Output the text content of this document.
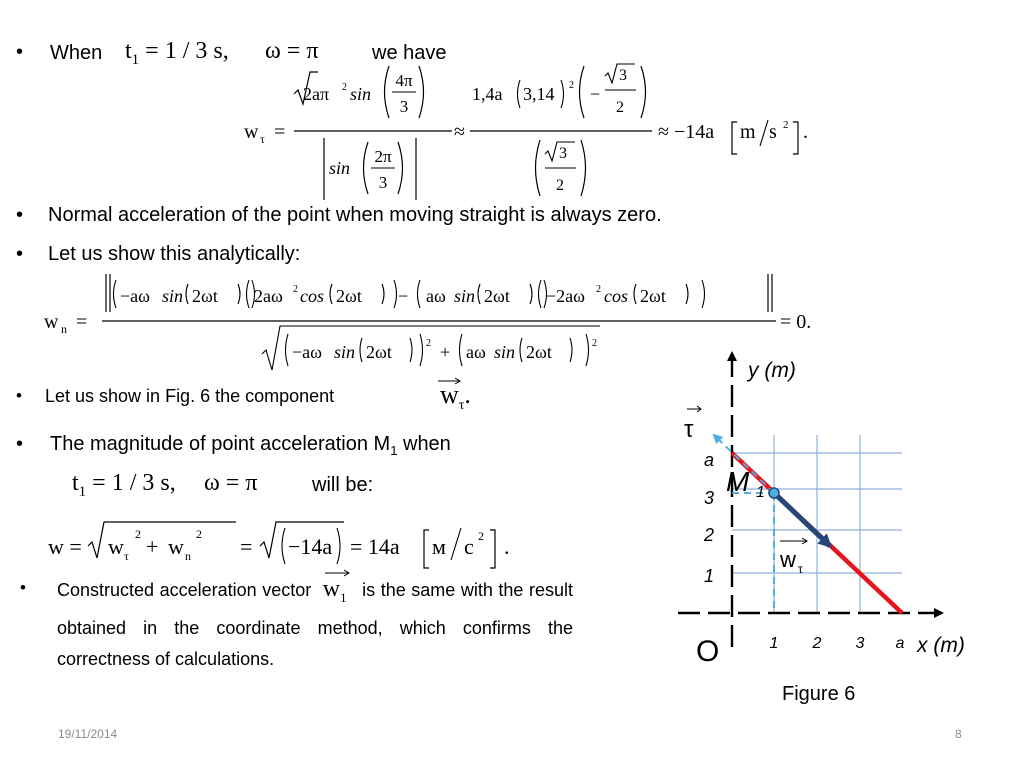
• When $t_1 = 1 / 3$ s, ω = π	we have
w τ =
2aπ 2 sin
4π
3
sin
2π
3
≈
1,4a 3,14 2 −
3
2
3
2
≈ −14a m s 2 .
• Normal acceleration of the point when moving straight is always zero.
• Let us show this analytically:
w n =
−aω sin 2ωt 2aω 2 cos 2ωt − aω sin 2ωt −2aω 2 cos 2ωt
−aω sin 2ωt	2 + aω sin 2ωt	2
= 0.
• Let us show in Fig. 6 the component	$w_\tau$.
• The magnitude of point acceleration $M_1$ when
$t_1 = 1 / 3$ s, ω = π	will be:
w = w τ
2 + w n
2 = −14a = 14a м c 2 .
• Constructed acceleration vector $w_1$ is the same with the result obtained in the coordinate method, which confirms the correctness of calculations.
y (m)
x (m)
O
1
2
3
a
1 2 3 a
M 1
τ
w τ
Figure 6
19/11/2014	8
